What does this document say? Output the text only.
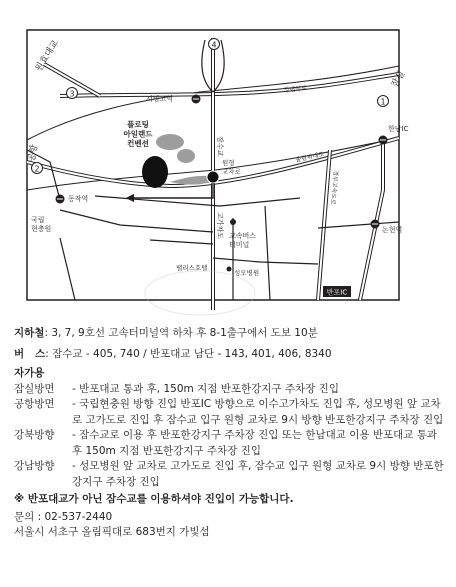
4
1
3
2
원효대교
잠실
공항
서빙고역
강변북로
올림픽대로
한남IC
플로팅 아일랜드 컨벤션	잠수교
원형 교차로
동작역
국립 현충원
경부고속도로
고속버스 터미널
논현역
고가차도
팰리스호텔
성모병원
반포IC
지하철 : 3, 7, 9호선 고속터미널역 하차 후 8-1출구에서 도보 10분
버   스 : 잠수교 - 405, 740 / 반포대교 남단 - 143, 401, 406, 8340
자가용
잠실방면	- 반포대교 통과 후, 150m 지점 반포한강지구 주차장 진입
공항방면	- 국립현충원 방향 진입 반포IC 방향으로 이수고가차도 진입 후, 성모병원 앞 교차로 고가도로 진입 후 잠수교 입구 원형 교차로 9시 방향 반포한강지구 주차장 진입
강북방향	- 잠수교로 이용 후 반포한강지구 주차장 진입 또는 한남대교 이용 반포대교 통과 후 150m 지점 반포한강지구 주차장 진입
강남방향	- 성모병원 앞 교차로 고가도로 진입 후, 잠수교 입구 원형 교차로 9시 방향 반포한강지구 주차장 진입
※ 반포대교가 아닌 잠수교를 이용하셔야 진입이 가능합니다.
문의 : 02-537-2440
서울시 서초구 올림픽대로 683번지 가빛섬
